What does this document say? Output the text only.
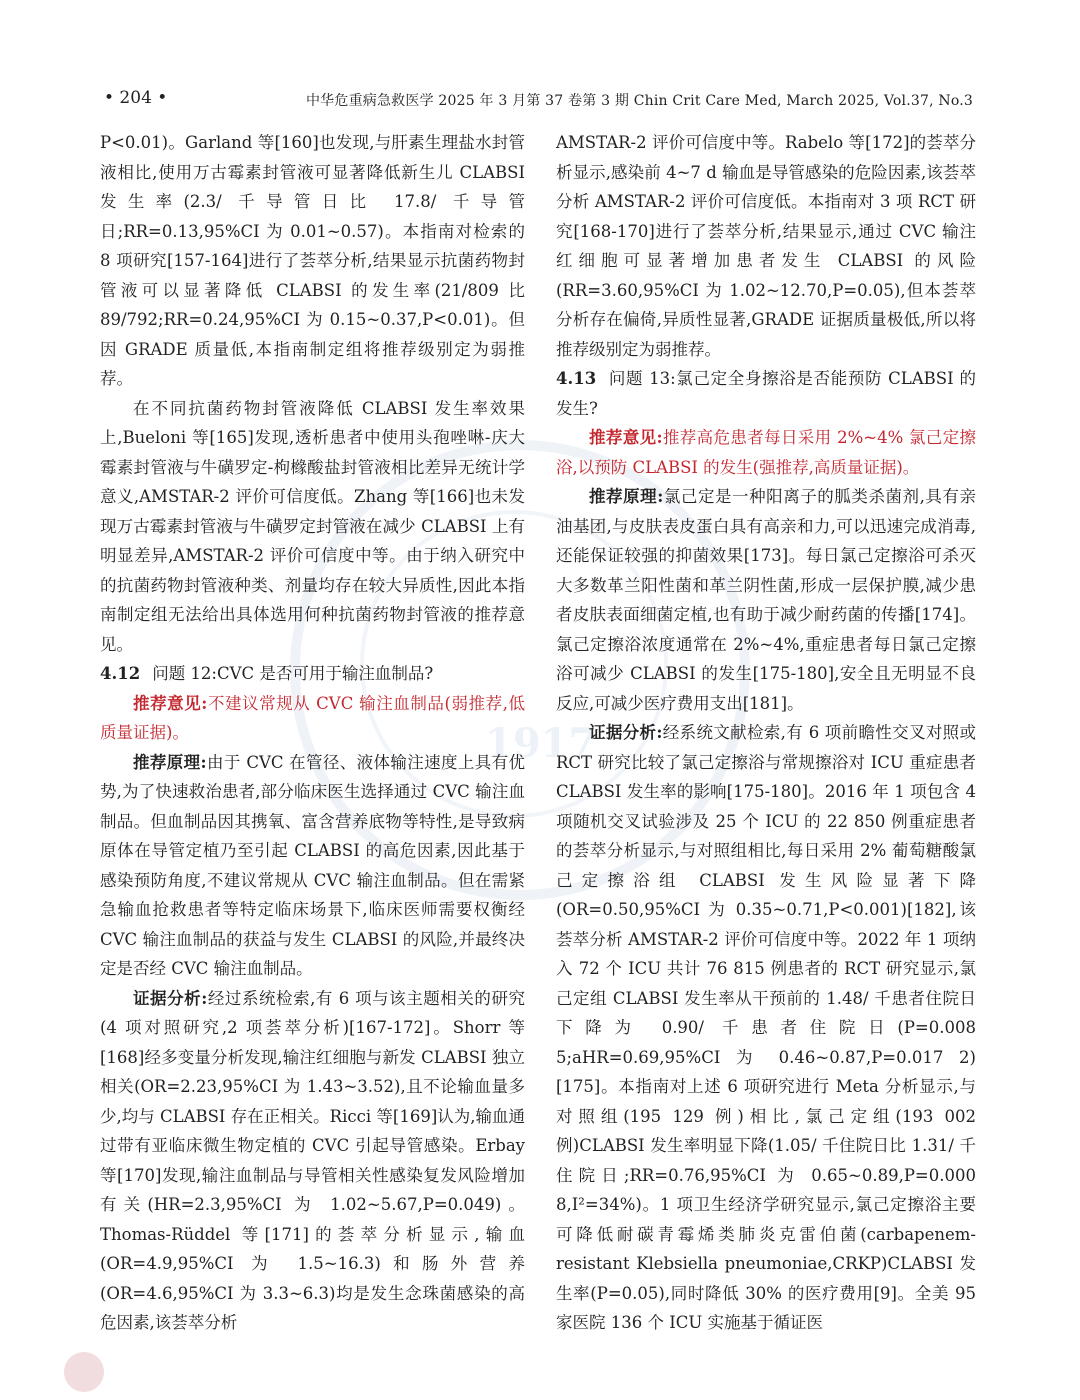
1917
• 204 •	中华危重病急救医学 2025 年 3 月第 37 卷第 3 期 Chin Crit Care Med, March 2025, Vol.37, No.3

P<0.01)。Garland 等[160]也发现,与肝素生理盐水封管液相比,使用万古霉素封管液可显著降低新生儿 CLABSI 发生率(2.3/ 千导管日比 17.8/ 千导管日;RR=0.13,95%CI 为 0.01~0.57)。本指南对检索的 8 项研究[157-164]进行了荟萃分析,结果显示抗菌药物封管液可以显著降低 CLABSI 的发生率(21/809 比 89/792;RR=0.24,95%CI 为 0.15~0.37,P<0.01)。但因 GRADE 质量低,本指南制定组将推荐级别定为弱推荐。

在不同抗菌药物封管液降低 CLABSI 发生率效果上,Bueloni 等[165]发现,透析患者中使用头孢唑啉-庆大霉素封管液与牛磺罗定-枸橼酸盐封管液相比差异无统计学意义,AMSTAR-2 评价可信度低。Zhang 等[166]也未发现万古霉素封管液与牛磺罗定封管液在减少 CLABSI 上有明显差异,AMSTAR-2 评价可信度中等。由于纳入研究中的抗菌药物封管液种类、剂量均存在较大异质性,因此本指南制定组无法给出具体选用何种抗菌药物封管液的推荐意见。

4.12 问题 12:CVC 是否可用于输注血制品?

推荐意见:不建议常规从 CVC 输注血制品(弱推荐,低质量证据)。

推荐原理:由于 CVC 在管径、液体输注速度上具有优势,为了快速救治患者,部分临床医生选择通过 CVC 输注血制品。但血制品因其携氧、富含营养底物等特性,是导致病原体在导管定植乃至引起 CLABSI 的高危因素,因此基于感染预防角度,不建议常规从 CVC 输注血制品。但在需紧急输血抢救患者等特定临床场景下,临床医师需要权衡经 CVC 输注血制品的获益与发生 CLABSI 的风险,并最终决定是否经 CVC 输注血制品。

证据分析:经过系统检索,有 6 项与该主题相关的研究(4 项对照研究,2 项荟萃分析)[167-172]。Shorr 等[168]经多变量分析发现,输注红细胞与新发 CLABSI 独立相关(OR=2.23,95%CI 为 1.43~3.52),且不论输血量多少,均与 CLABSI 存在正相关。Ricci 等[169]认为,输血通过带有亚临床微生物定植的 CVC 引起导管感染。Erbay 等[170]发现,输注血制品与导管相关性感染复发风险增加有关(HR=2.3,95%CI 为 1.02~5.67,P=0.049)。Thomas-Rüddel 等[171]的荟萃分析显示,输血(OR=4.9,95%CI 为 1.5~16.3)和肠外营养(OR=4.6,95%CI 为 3.3~6.3)均是发生念珠菌感染的高危因素,该荟萃分析

AMSTAR-2 评价可信度中等。Rabelo 等[172]的荟萃分析显示,感染前 4~7 d 输血是导管感染的危险因素,该荟萃分析 AMSTAR-2 评价可信度低。本指南对 3 项 RCT 研究[168-170]进行了荟萃分析,结果显示,通过 CVC 输注红细胞可显著增加患者发生 CLABSI 的风险(RR=3.60,95%CI 为 1.02~12.70,P=0.05),但本荟萃分析存在偏倚,异质性显著,GRADE 证据质量极低,所以将推荐级别定为弱推荐。

4.13 问题 13:氯己定全身擦浴是否能预防 CLABSI 的发生?

推荐意见:推荐高危患者每日采用 2%~4% 氯己定擦浴,以预防 CLABSI 的发生(强推荐,高质量证据)。

推荐原理:氯己定是一种阳离子的胍类杀菌剂,具有亲油基团,与皮肤表皮蛋白具有高亲和力,可以迅速完成消毒,还能保证较强的抑菌效果[173]。每日氯己定擦浴可杀灭大多数革兰阳性菌和革兰阴性菌,形成一层保护膜,减少患者皮肤表面细菌定植,也有助于减少耐药菌的传播[174]。氯己定擦浴浓度通常在 2%~4%,重症患者每日氯己定擦浴可减少 CLABSI 的发生[175-180],安全且无明显不良反应,可减少医疗费用支出[181]。

证据分析:经系统文献检索,有 6 项前瞻性交叉对照或 RCT 研究比较了氯己定擦浴与常规擦浴对 ICU 重症患者 CLABSI 发生率的影响[175-180]。2016 年 1 项包含 4 项随机交叉试验涉及 25 个 ICU 的 22 850 例重症患者的荟萃分析显示,与对照组相比,每日采用 2% 葡萄糖酸氯己定擦浴组 CLABSI 发生风险显著下降(OR=0.50,95%CI 为 0.35~0.71,P<0.001)[182],该荟萃分析 AMSTAR-2 评价可信度中等。2022 年 1 项纳入 72 个 ICU 共计 76 815 例患者的 RCT 研究显示,氯己定组 CLABSI 发生率从干预前的 1.48/ 千患者住院日下降为 0.90/ 千患者住院日(P=0.008 5;aHR=0.69,95%CI 为 0.46~0.87,P=0.017 2)[175]。本指南对上述 6 项研究进行 Meta 分析显示,与对照组(195 129 例)相比,氯己定组(193 002 例)CLABSI 发生率明显下降(1.05/ 千住院日比 1.31/ 千住院日;RR=0.76,95%CI 为 0.65~0.89,P=0.000 8,I²=34%)。1 项卫生经济学研究显示,氯己定擦浴主要可降低耐碳青霉烯类肺炎克雷伯菌(carbapenem-resistant Klebsiella pneumoniae,CRKP)CLABSI 发生率(P=0.05),同时降低 30% 的医疗费用[9]。全美 95 家医院 136 个 ICU 实施基于循证医
